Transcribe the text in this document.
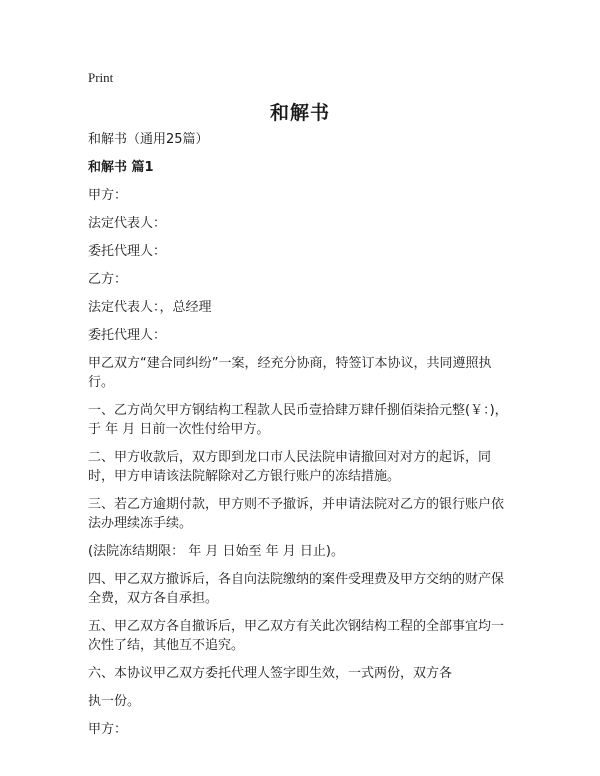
Print
和解书

和解书（通用25篇）

和解书 篇1

甲方：

法定代表人：

委托代理人：

乙方：

法定代表人：，总经理

委托代理人：

甲乙双方“建合同纠纷”一案，经充分协商，特签订本协议，共同遵照执行。

一、乙方尚欠甲方钢结构工程款人民币壹拾肆万肆仟捌佰柒拾元整(￥：)，于 年 月 日前一次性付给甲方。

二、甲方收款后，双方即到龙口市人民法院申请撤回对对方的起诉，同时，甲方申请该法院解除对乙方银行账户的冻结措施。

三、若乙方逾期付款，甲方则不予撤诉，并申请法院对乙方的银行账户依法办理续冻手续。

(法院冻结期限： 年 月 日始至 年 月 日止)。

四、甲乙双方撤诉后，各自向法院缴纳的案件受理费及甲方交纳的财产保全费，双方各自承担。

五、甲乙双方各自撤诉后，甲乙双方有关此次钢结构工程的全部事宜均一次性了结，其他互不追究。

六、本协议甲乙双方委托代理人签字即生效，一式两份，双方各

执一份。

甲方：
